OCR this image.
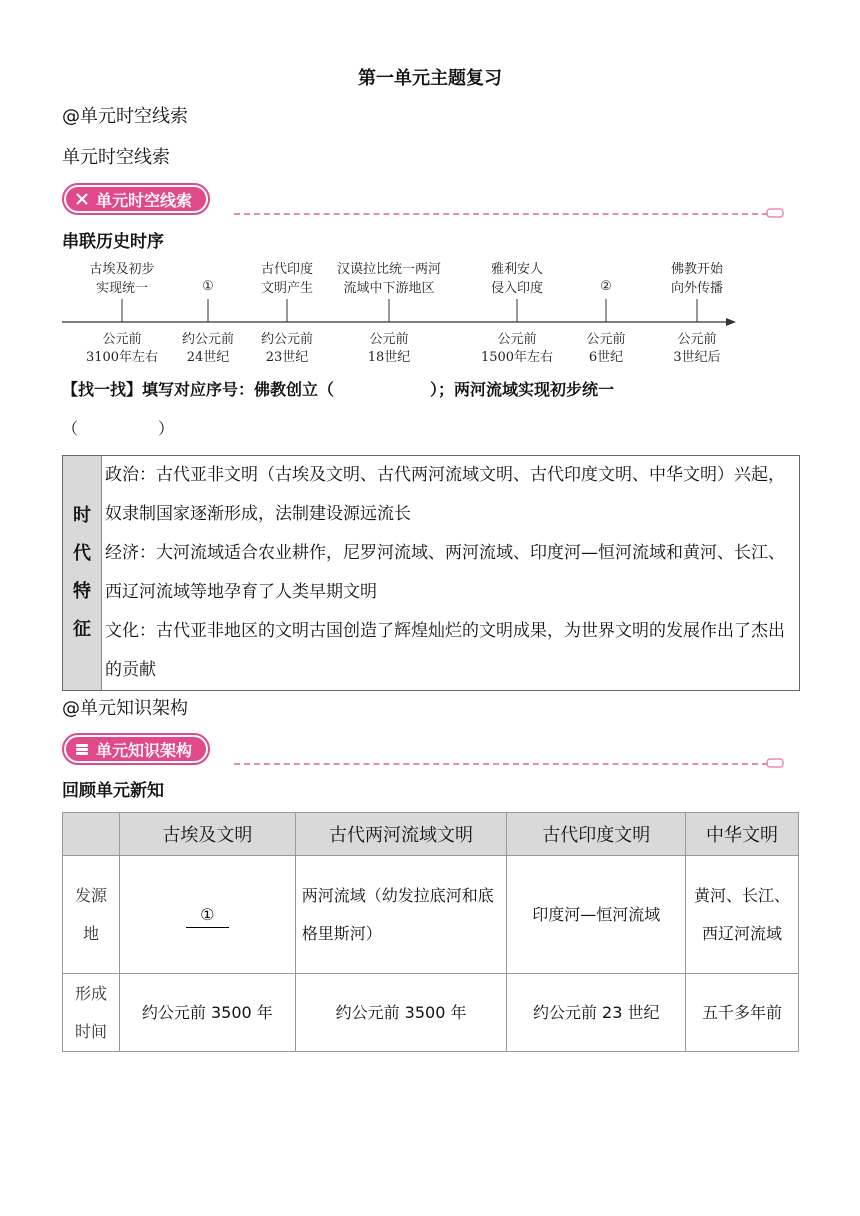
第一单元主题复习
@单元时空线索
单元时空线索
单元时空线索
串联历史时序
古埃及初步
实现统一	①
古代印度
文明产生
汉谟拉比统一两河
流域中下游地区
雅利安人
侵入印度	②
佛教开始
向外传播
公元前
3100年左右
约公元前
24世纪
约公元前
23世纪
公元前
18世纪
公元前
1500年左右
公元前
6世纪
公元前
3世纪后
【找一找】填写对应序号：佛教创立（　　　　　　）；两河流域实现初步统一
（　　　　　）
时
代
特
征
政治：古代亚非文明（古埃及文明、古代两河流域文明、古代印度文明、中华文明）兴起，奴隶制国家逐渐形成，法制建设源远流长
经济：大河流域适合农业耕作，尼罗河流域、两河流域、印度河—恒河流域和黄河、长江、西辽河流域等地孕育了人类早期文明
文化：古代亚非地区的文明古国创造了辉煌灿烂的文明成果，为世界文明的发展作出了杰出的贡献
@单元知识架构
单元知识架构
回顾单元新知
	古埃及文明	古代两河流域文明	古代印度文明	中华文明
发源地	①	两河流域（幼发拉底河和底格里斯河）	印度河—恒河流域	黄河、长江、西辽河流域
形成时间	约公元前 3500 年	约公元前 3500 年	约公元前 23 世纪	五千多年前
